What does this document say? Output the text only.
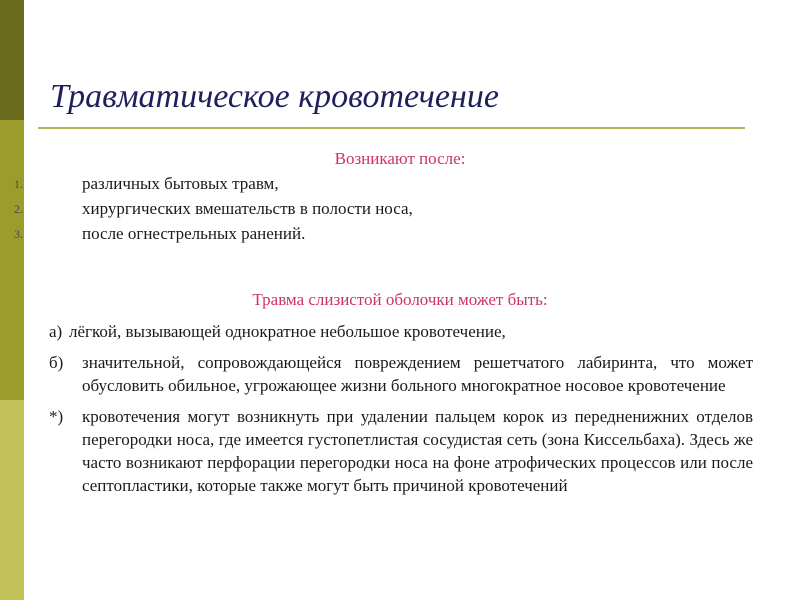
Травматическое кровотечение
Возникают после:
1.	различных бытовых травм,
2.	хирургических вмешательств в полости носа,
3.	после огнестрельных ранений.
Травма слизистой оболочки может быть:
а) лёгкой, вызывающей однократное небольшое кровотечение,
б) значительной, сопровождающейся повреждением решетчатого лабиринта, что может обусловить обильное, угрожающее жизни больного многократное носовое кровотечение
*) кровотечения могут возникнуть при удалении пальцем корок из передненижних отделов перегородки носа, где имеется густопетлистая сосудистая сеть (зона Киссельбаха). Здесь же часто возникают перфорации перегородки носа на фоне атрофических процессов или после септопластики, которые также могут быть причиной кровотечений
